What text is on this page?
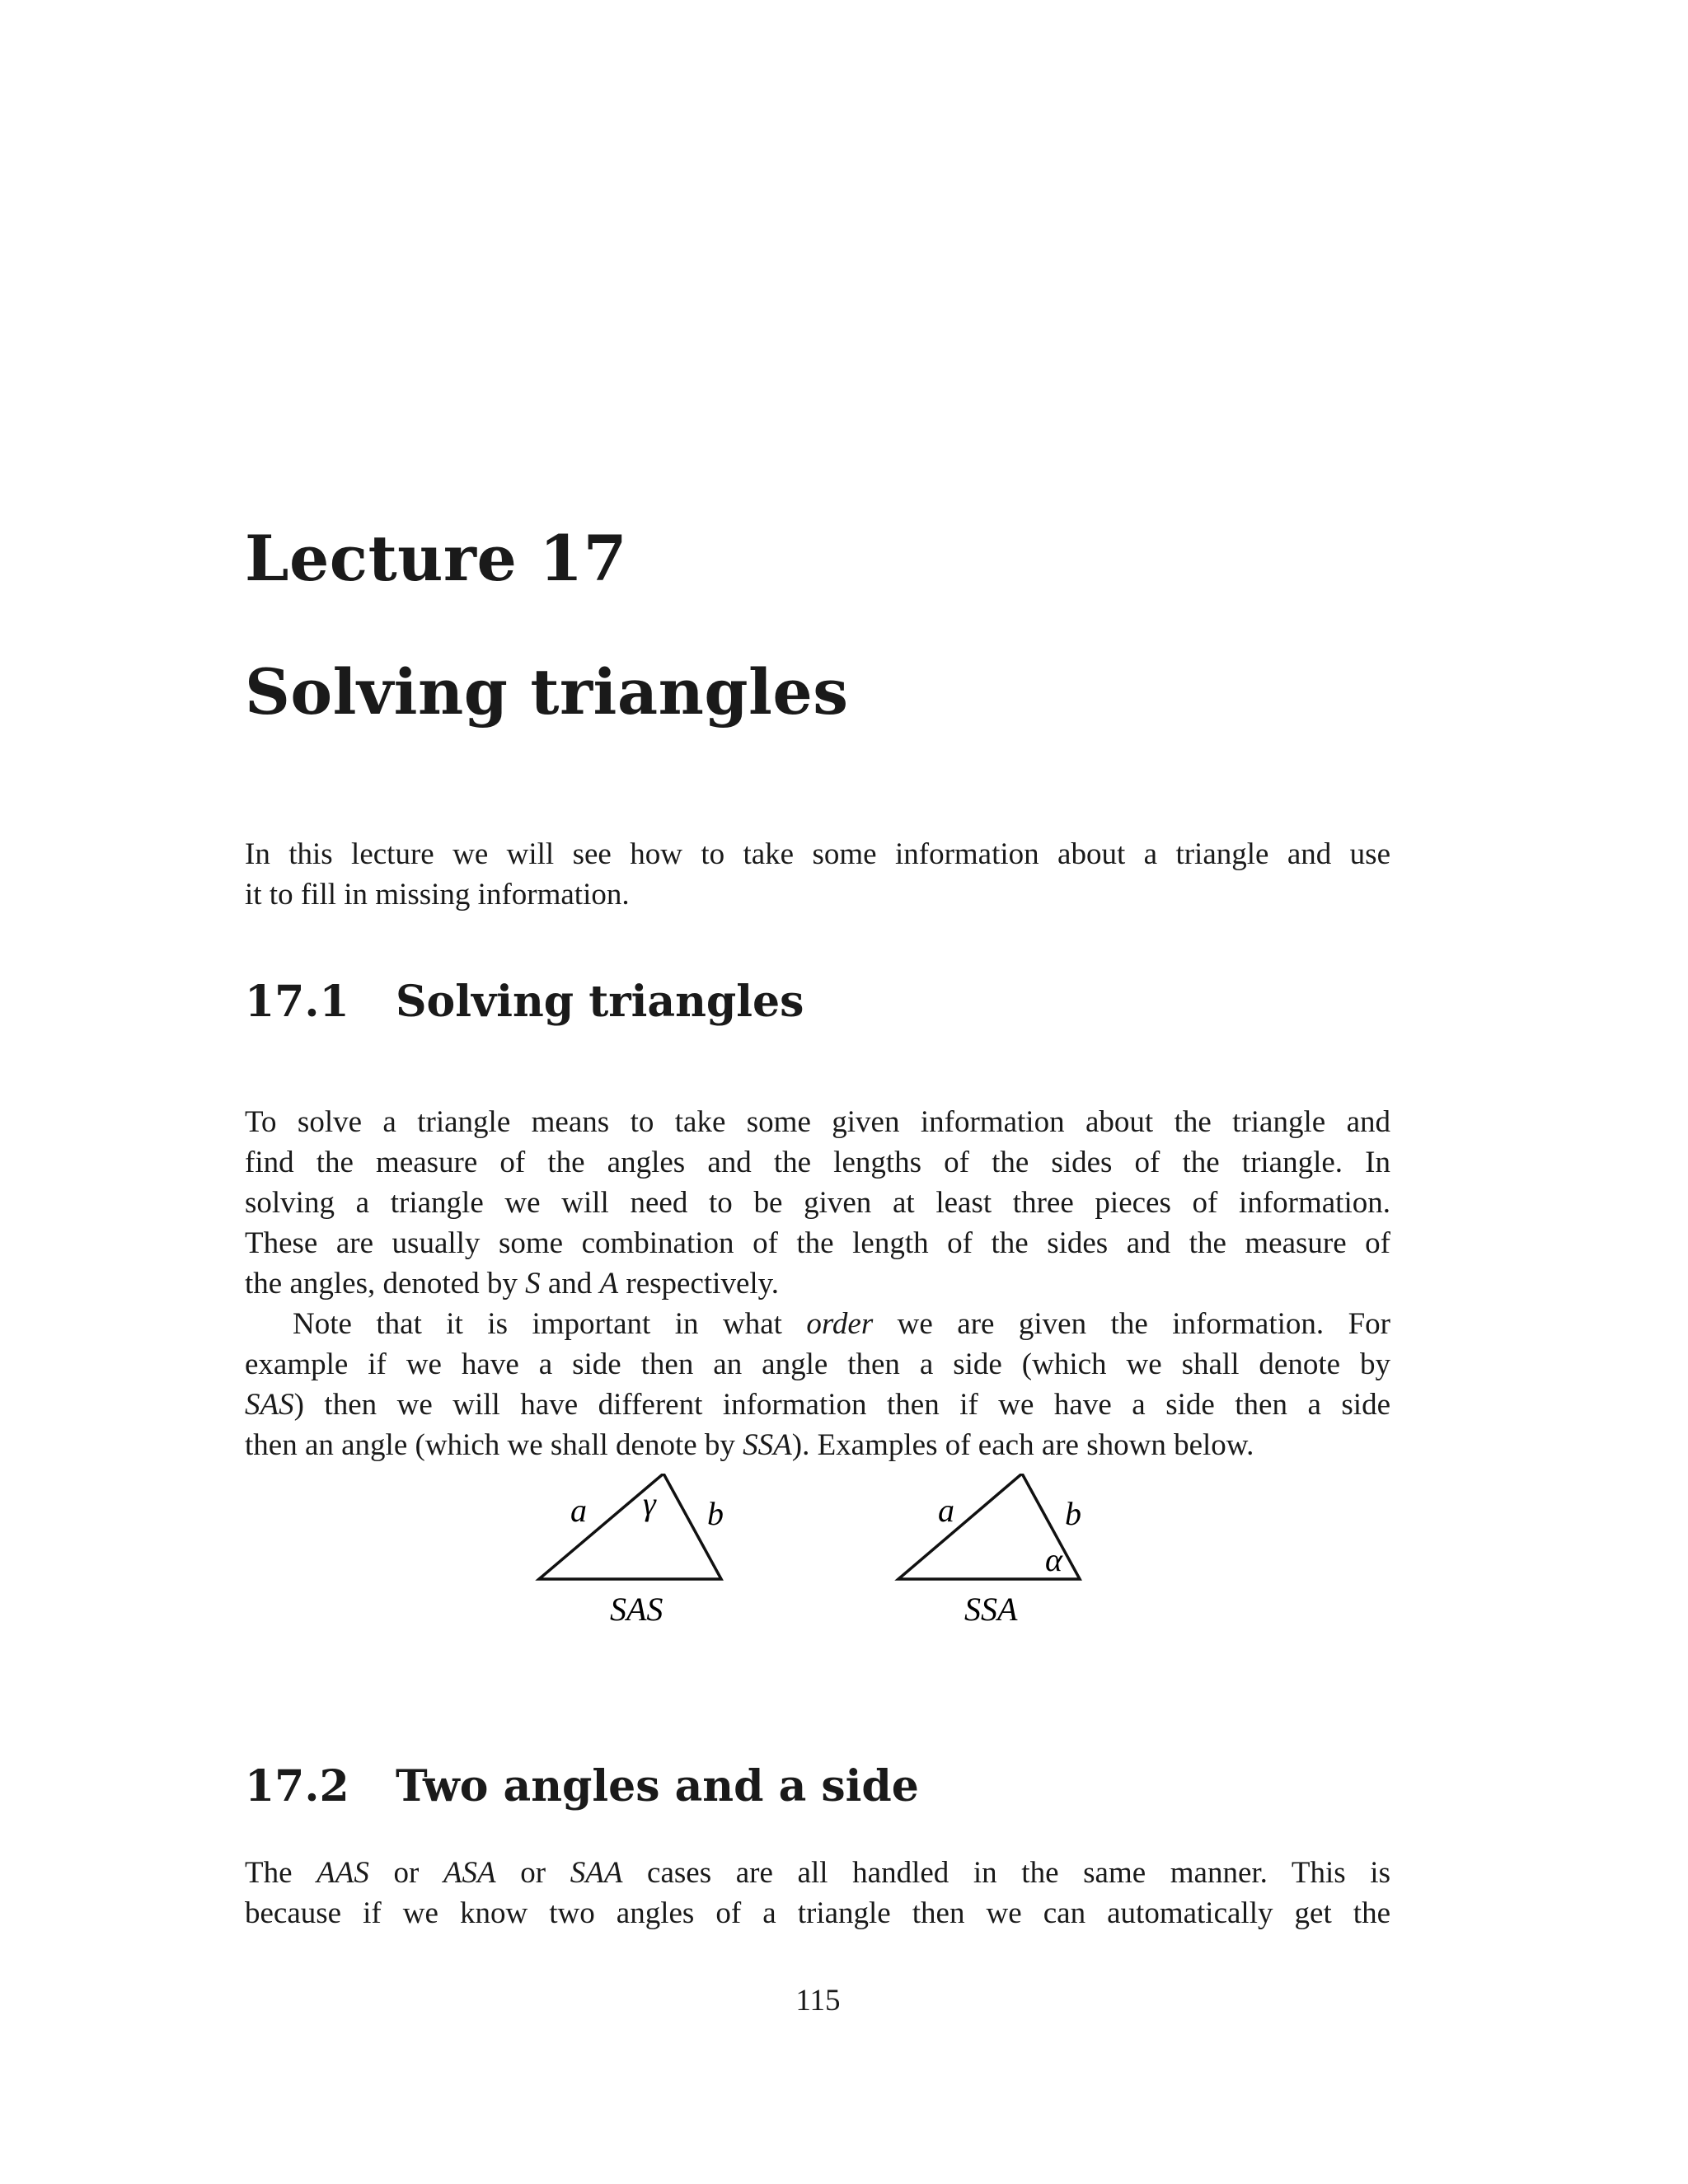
Lecture 17
Solving triangles
In this lecture we will see how to take some information about a triangle and use
it to fill in missing information.
17.1 Solving triangles
To solve a triangle means to take some given information about the triangle and
find the measure of the angles and the lengths of the sides of the triangle. In
solving a triangle we will need to be given at least three pieces of information.
These are usually some combination of the length of the sides and the measure of
the angles, denoted by S and A respectively.
Note that it is important in what order we are given the information. For
example if we have a side then an angle then a side (which we shall denote by
SAS) then we will have different information then if we have a side then a side
then an angle (which we shall denote by SSA). Examples of each are shown below.
a γ b
SAS
a	b
α
SSA
17.2 Two angles and a side
The AAS or ASA or SAA cases are all handled in the same manner. This is
because if we know two angles of a triangle then we can automatically get the
115
